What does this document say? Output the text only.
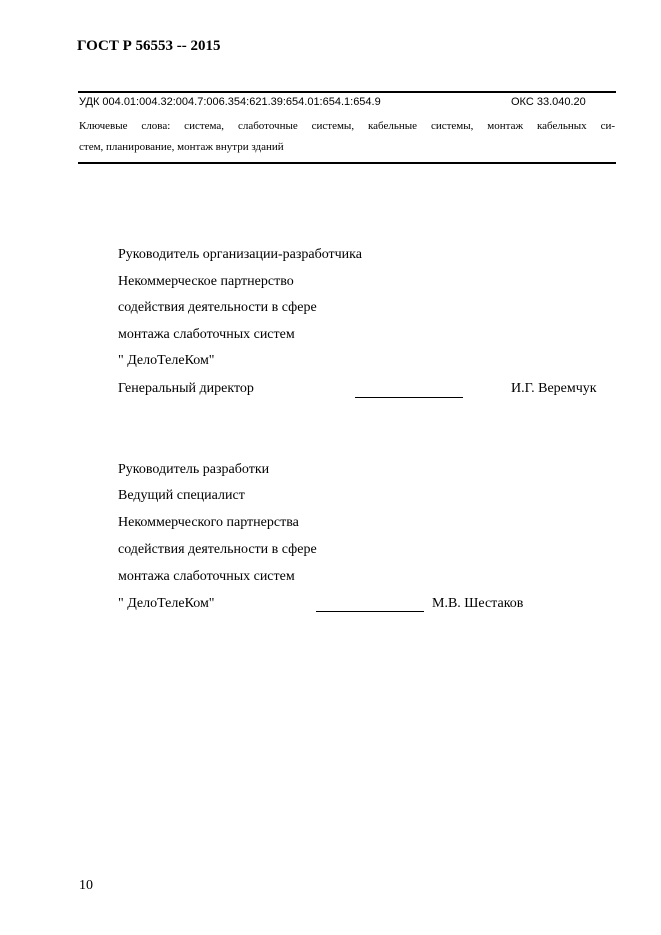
ГОСТ Р 56553 -- 2015
УДК 004.01:004.32:004.7:006.354:621.39:654.01:654.1:654.9	ОКС 33.040.20
Ключевые слова: система, слаботочные системы, кабельные системы, монтаж кабельных си-
стем, планирование, монтаж внутри зданий
Руководитель организации-разработчика
Некоммерческое партнерство
содействия деятельности в сфере
монтажа слаботочных систем
" ДелоТелеКом"
Генеральный директор	И.Г. Веремчук
Руководитель разработки
Ведущий специалист
Некоммерческого партнерства
содействия деятельности в сфере
монтажа слаботочных систем
" ДелоТелеКом"	М.В. Шестаков
10
